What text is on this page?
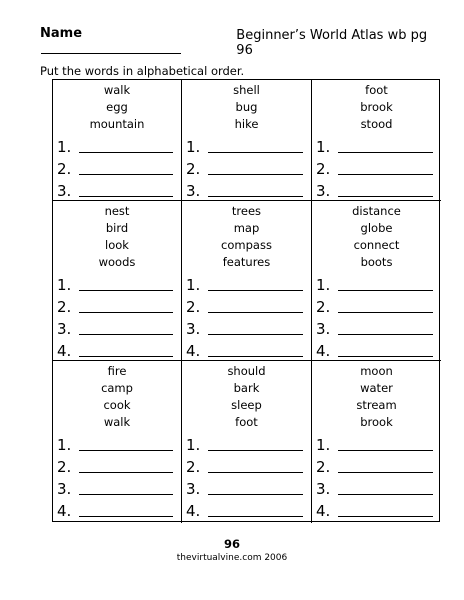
Name	Beginner’s World Atlas wb pg 96
Put the words in alphabetical order.
walk
egg
mountain
1.
2.
3.
shell
bug
hike
1.
2.
3.
foot
brook
stood
1.
2.
3.
nest
bird
look
woods
1.
2.
3.
4.
trees
map
compass
features
1.
2.
3.
4.
distance
globe
connect
boots
1.
2.
3.
4.
fire
camp
cook
walk
1.
2.
3.
4.
should
bark
sleep
foot
1.
2.
3.
4.
moon
water
stream
brook
1.
2.
3.
4.
96
thevirtualvine.com 2006
